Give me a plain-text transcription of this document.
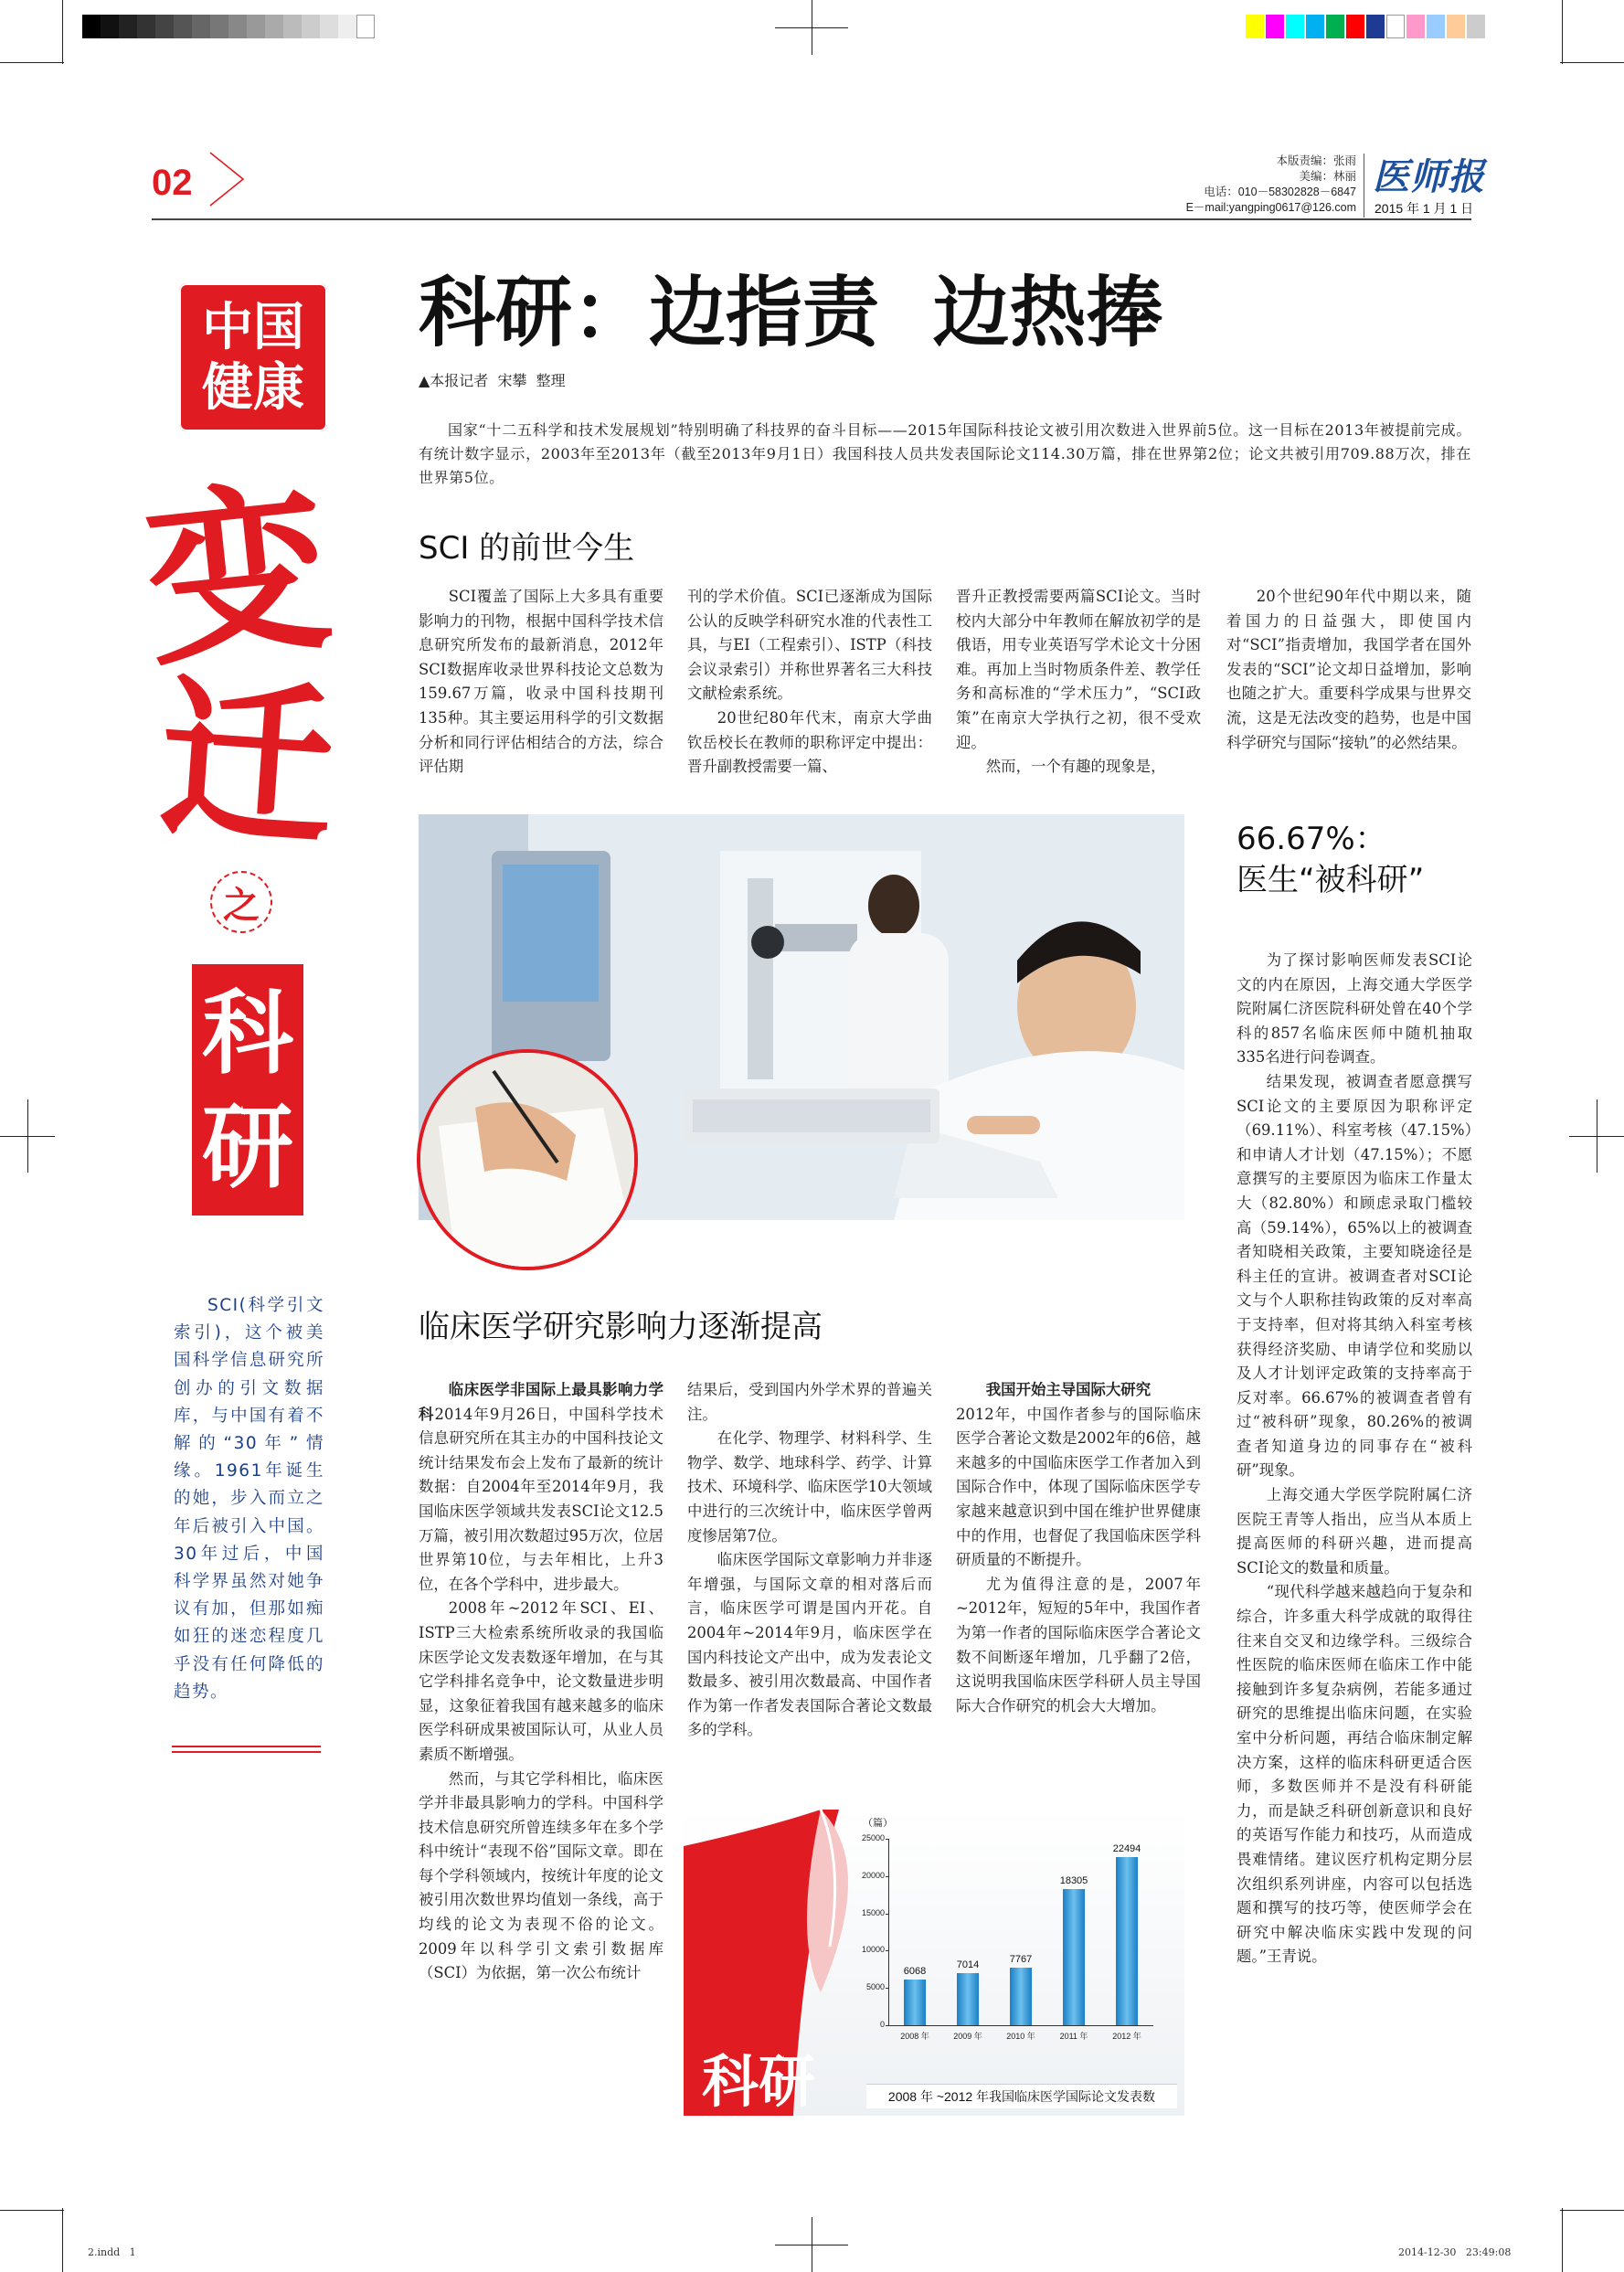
02
本版责编：张雨
美编：林丽
电话：010－58302828－6847
E－mail:yangping0617@126.com
医师报
2015 年 1 月 1 日
中国
健康
变
迁
之
科
研
SCI(科学引文索引)，这个被美国科学信息研究所创办的引文数据库，与中国有着不解的“30年”情缘。1961年诞生的她，步入而立之年后被引入中国。30年过后，中国科学界虽然对她争议有加，但那如痴如狂的迷恋程度几乎没有任何降低的趋势。
科研：边指责  边热捧
▲本报记者  宋攀  整理
国家“十二五科学和技术发展规划”特别明确了科技界的奋斗目标——2015年国际科技论文被引用次数进入世界前5位。这一目标在2013年被提前完成。有统计数字显示，2003年至2013年（截至2013年9月1日）我国科技人员共发表国际论文114.30万篇，排在世界第2位；论文共被引用709.88万次，排在世界第5位。
SCI 的前世今生

SCI覆盖了国际上大多具有重要影响力的刊物，根据中国科学技术信息研究所发布的最新消息，2012年SCI数据库收录世界科技论文总数为159.67万篇，收录中国科技期刊135种。其主要运用科学的引文数据分析和同行评估相结合的方法，综合评估期

刊的学术价值。SCI已逐渐成为国际公认的反映学科研究水准的代表性工具，与EI（工程索引）、ISTP（科技会议录索引）并称世界著名三大科技文献检索系统。

20世纪80年代末，南京大学曲钦岳校长在教师的职称评定中提出：晋升副教授需要一篇、

晋升正教授需要两篇SCI论文。当时校内大部分中年教师在解放初学的是俄语，用专业英语写学术论文十分困难。再加上当时物质条件差、教学任务和高标准的“学术压力”，“SCI政策”在南京大学执行之初，很不受欢迎。

然而，一个有趣的现象是，

20个世纪90年代中期以来，随着国力的日益强大，即使国内对“SCI”指责增加，我国学者在国外发表的“SCI”论文却日益增加，影响也随之扩大。重要科学成果与世界交流，这是无法改变的趋势，也是中国科学研究与国际“接轨”的必然结果。

66.67%：
医生“被科研”

为了探讨影响医师发表SCI论文的内在原因，上海交通大学医学院附属仁济医院科研处曾在40个学科的857名临床医师中随机抽取335名进行问卷调查。

结果发现，被调查者愿意撰写SCI论文的主要原因为职称评定（69.11%）、科室考核（47.15%）和申请人才计划（47.15%）；不愿意撰写的主要原因为临床工作量太大（82.80%）和顾虑录取门槛较高（59.14%），65%以上的被调查者知晓相关政策，主要知晓途径是科主任的宣讲。被调查者对SCI论文与个人职称挂钩政策的反对率高于支持率，但对将其纳入科室考核获得经济奖励、申请学位和奖励以及人才计划评定政策的支持率高于反对率。66.67%的被调查者曾有过“被科研”现象，80.26%的被调查者知道身边的同事存在“被科研”现象。

上海交通大学医学院附属仁济医院王青等人指出，应当从本质上提高医师的科研兴趣，进而提高SCI论文的数量和质量。

“现代科学越来越趋向于复杂和综合，许多重大科学成就的取得往往来自交叉和边缘学科。三级综合性医院的临床医师在临床工作中能接触到许多复杂病例，若能多通过研究的思维提出临床问题，在实验室中分析问题，再结合临床制定解决方案，这样的临床科研更适合医师，多数医师并不是没有科研能力，而是缺乏科研创新意识和良好的英语写作能力和技巧，从而造成畏难情绪。建议医疗机构定期分层次组织系列讲座，内容可以包括选题和撰写的技巧等，使医师学会在研究中解决临床实践中发现的问题。”王青说。

临床医学研究影响力逐渐提高

临床医学非国际上最具影响力学科2014年9月26日，中国科学技术信息研究所在其主办的中国科技论文统计结果发布会上发布了最新的统计数据：自2004年至2014年9月，我国临床医学领域共发表SCI论文12.5万篇，被引用次数超过95万次，位居世界第10位，与去年相比，上升3位，在各个学科中，进步最大。

2008年~2012年SCI、EI、ISTP三大检索系统所收录的我国临床医学论文发表数逐年增加，在与其它学科排名竞争中，论文数量进步明显，这象征着我国有越来越多的临床医学科研成果被国际认可，从业人员素质不断增强。

然而，与其它学科相比，临床医学并非最具影响力的学科。中国科学技术信息研究所曾连续多年在多个学科中统计“表现不俗”国际文章。即在每个学科领域内，按统计年度的论文被引用次数世界均值划一条线，高于均线的论文为表现不俗的论文。2009年以科学引文索引数据库（SCI）为依据，第一次公布统计

结果后，受到国内外学术界的普遍关注。

在化学、物理学、材料科学、生物学、数学、地球科学、药学、计算技术、环境科学、临床医学10大领域中进行的三次统计中，临床医学曾两度惨居第7位。

临床医学国际文章影响力并非逐年增强，与国际文章的相对落后而言，临床医学可谓是国内开花。自2004年~2014年9月，临床医学在国内科技论文产出中，成为发表论文数最多、被引用次数最高、中国作者作为第一作者发表国际合著论文数最多的学科。

我国开始主导国际大研究

2012年，中国作者参与的国际临床医学合著论文数是2002年的6倍，越来越多的中国临床医学工作者加入到国际合作中，体现了国际临床医学专家越来越意识到中国在维护世界健康中的作用，也督促了我国临床医学科研质量的不断提升。

尤为值得注意的是，2007年~2012年，短短的5年中，我国作者为第一作者的国际临床医学合著论文数不间断逐年增加，几乎翻了2倍，这说明我国临床医学科研人员主导国际大合作研究的机会大大增加。

科研
（篇）
0
5000
10000
15000
20000
25000
6068
2008 年
7014
2009 年
7767
2010 年
18305
2011 年
22494
2012 年
2008 年 ~2012 年我国临床医学国际论文发表数
2.indd   1	2014-12-30   23:49:08
